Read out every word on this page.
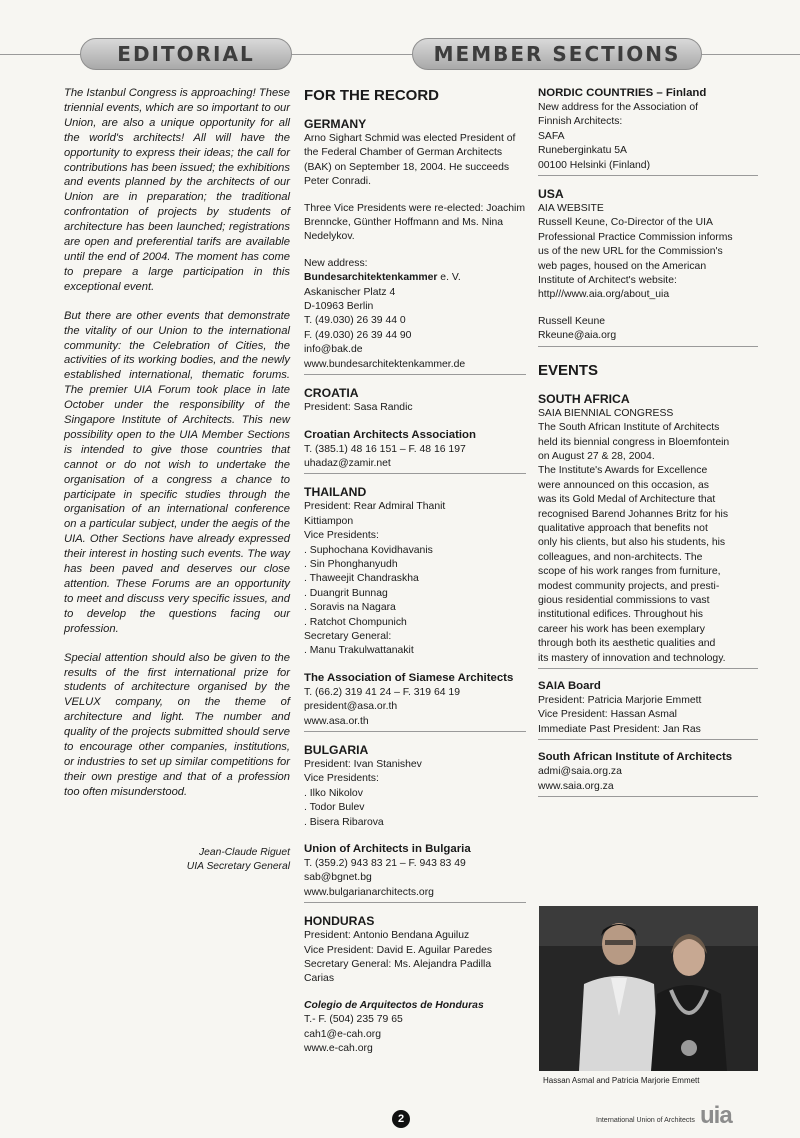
EDITORIAL	MEMBER SECTIONS

The Istanbul Congress is approaching! These triennial events, which are so important to our Union, are also a unique opportunity for all the world's architects! All will have the opportunity to express their ideas; the call for contributions has been issued; the exhibitions and events planned by the architects of our Union are in preparation; the traditional confrontation of projects by students of architecture has been launched; registrations are open and preferential tarifs are available until the end of 2004. The moment has come to prepare a large participation in this exceptional event.

But there are other events that demonstrate the vitality of our Union to the international community: the Celebration of Cities, the activities of its working bodies, and the newly established international, thematic forums. The premier UIA Forum took place in late October under the responsibility of the Singapore Institute of Architects. This new possibility open to the UIA Member Sections is intended to give those countries that cannot or do not wish to undertake the organisation of a congress a chance to participate in specific studies through the organisation of an international conference on a particular subject, under the aegis of the UIA. Other Sections have already expressed their interest in hosting such events. The way has been paved and deserves our close attention. These Forums are an opportunity to meet and discuss very specific issues, and to develop the questions facing our profession.

Special attention should also be given to the results of the first international prize for students of architecture organised by the VELUX company, on the theme of architecture and light. The number and quality of the projects submitted should serve to encourage other companies, institutions, or industries to set up similar competitions for their own prestige and that of a profession too often misunderstood.

Jean-Claude Riguet
UIA Secretary General
FOR THE RECORD
GERMANY
Arno Sighart Schmid was elected President of the Federal Chamber of German Architects (BAK) on September 18, 2004. He succeeds Peter Conradi.
Three Vice Presidents were re-elected: Joachim Brenncke, Günther Hoffmann and Ms. Nina Nedelykov.
New address:
Bundesarchitektenkammer e. V.
Askanischer Platz 4
D-10963 Berlin
T. (49.030) 26 39 44 0
F. (49.030) 26 39 44 90
info@bak.de
www.bundesarchitektenkammer.de
CROATIA
President: Sasa Randic
Croatian Architects Association
T. (385.1) 48 16 151 – F. 48 16 197
uhadaz@zamir.net
THAILAND
President: Rear Admiral Thanit
Kittiampon
Vice Presidents:
. Suphochana Kovidhavanis
. Sin Phonghanyudh
. Thaweejit Chandraskha
. Duangrit Bunnag
. Soravis na Nagara
. Ratchot Chompunich
Secretary General:
. Manu Trakulwattanakit
The Association of Siamese Architects
T. (66.2) 319 41 24 – F. 319 64 19
president@asa.or.th
www.asa.or.th
BULGARIA
President: Ivan Stanishev
Vice Presidents:
. Ilko Nikolov
. Todor Bulev
. Bisera Ribarova
Union of Architects in Bulgaria
T. (359.2) 943 83 21 – F. 943 83 49
sab@bgnet.bg
www.bulgarianarchitects.org
HONDURAS
President: Antonio Bendana Aguiluz
Vice President: David E. Aguilar Paredes
Secretary General: Ms. Alejandra Padilla
Carias
Colegio de Arquitectos de Honduras
T.- F. (504) 235 79 65
cah1@e-cah.org
www.e-cah.org
NORDIC COUNTRIES – Finland
New address for the Association of
Finnish Architects:
SAFA
Runeberginkatu 5A
00100 Helsinki (Finland)
USA
AIA WEBSITE
Russell Keune, Co-Director of the UIA
Professional Practice Commission informs
us of the new URL for the Commission's
web pages, housed on the American
Institute of Architect's website:
http///www.aia.org/about_uia
Russell Keune
Rkeune@aia.org
EVENTS
SOUTH AFRICA
SAIA BIENNIAL CONGRESS
The South African Institute of Architects
held its biennial congress in Bloemfontein
on August 27 & 28, 2004.
The Institute's Awards for Excellence
were announced on this occasion, as
was its Gold Medal of Architecture that
recognised Barend Johannes Britz for his
qualitative approach that benefits not
only his clients, but also his students, his
colleagues, and non-architects. The
scope of his work ranges from furniture,
modest community projects, and presti-
gious residential commissions to vast
institutional edifices. Throughout his
career his work has been exemplary
through both its aesthetic qualities and
its mastery of innovation and technology.
SAIA Board
President: Patricia Marjorie Emmett
Vice President: Hassan Asmal
Immediate Past President: Jan Ras
South African Institute of Architects
admi@saia.org.za
www.saia.org.za
Hassan Asmal and Patricia Marjorie Emmett
2	International Union of Architects uia
